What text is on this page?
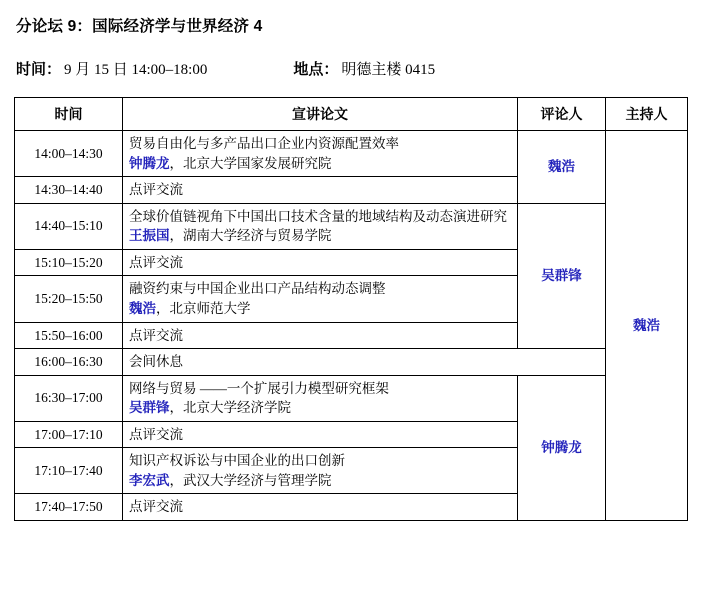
分论坛 9：国际经济学与世界经济 4
时间： 9 月 15 日 14:00–18:00	地点： 明德主楼 0415
时间	宣讲论文	评论人	主持人
14:00–14:30	贸易自由化与多产品出口企业内资源配置效率
钟腾龙，北京大学国家发展研究院	魏浩	魏浩
14:30–14:40	点评交流		
14:40–15:10	全球价值链视角下中国出口技术含量的地域结构及动态演进研究
王振国，湖南大学经济与贸易学院	吴群锋	
15:10–15:20	点评交流		
15:20–15:50	融资约束与中国企业出口产品结构动态调整
魏浩，北京师范大学		

15:50–16:00	点评交流		
16:00–16:30	会间休息		
16:30–17:00	网络与贸易 ——一个扩展引力模型研究框架
吴群锋，北京大学经济学院	钟腾龙	
17:00–17:10	点评交流		
17:10–17:40	知识产权诉讼与中国企业的出口创新
李宏武，武汉大学经济与管理学院		

17:40–17:50	点评交流		
